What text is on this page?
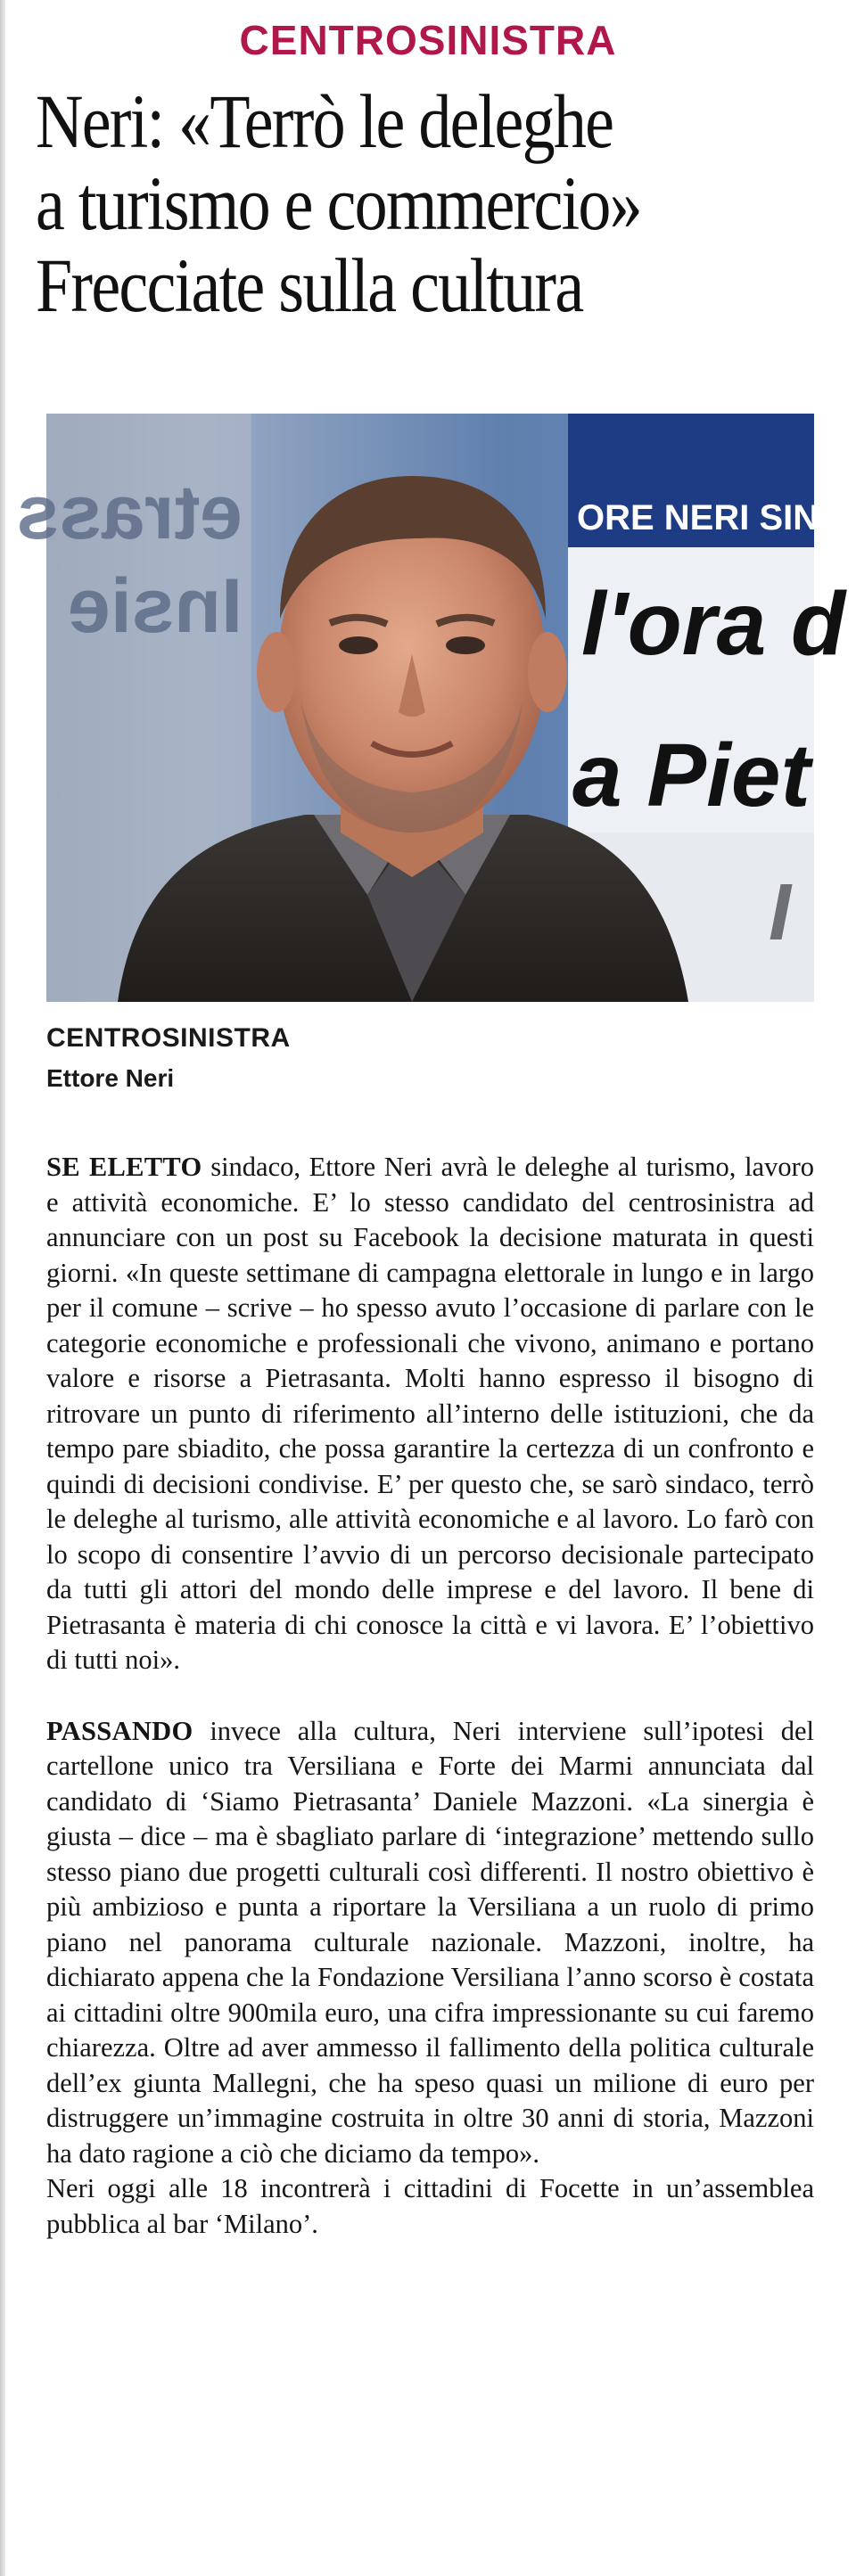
CENTROSINISTRA
Neri: «Terrò le deleghe
a turismo e commercio»
Frecciate sulla cultura
etrass
Insie
ORE NERI SIN
l'ora d
a Piet
I
CENTROSINISTRA
Ettore Neri

SE ELETTO sindaco, Ettore Neri avrà le deleghe al turismo, lavoro e attività economiche. E’ lo stesso candidato del centrosinistra ad annunciare con un post su Facebook la decisione maturata in questi giorni. «In queste settimane di campagna elettorale in lungo e in largo per il comune – scrive – ho spesso avuto l’occasione di parlare con le categorie economiche e professionali che vivono, animano e portano valore e risorse a Pietrasanta. Molti hanno espresso il bisogno di ritrovare un punto di riferimento all’interno delle istituzioni, che da tempo pare sbiadito, che possa garantire la certezza di un confronto e quindi di decisioni condivise. E’ per questo che, se sarò sindaco, terrò le deleghe al turismo, alle attività economiche e al lavoro. Lo farò con lo scopo di consentire l’avvio di un percorso decisionale partecipato da tutti gli attori del mondo delle imprese e del lavoro. Il bene di Pietrasanta è materia di chi conosce la città e vi lavora. E’ l’obiettivo di tutti noi».

PASSANDO invece alla cultura, Neri interviene sull’ipotesi del cartellone unico tra Versiliana e Forte dei Marmi annunciata dal candidato di ‘Siamo Pietrasanta’ Daniele Mazzoni. «La sinergia è giusta – dice – ma è sbagliato parlare di ‘integrazione’ mettendo sullo stesso piano due progetti culturali così differenti. Il nostro obiettivo è più ambizioso e punta a riportare la Versiliana a un ruolo di primo piano nel panorama culturale nazionale. Mazzoni, inoltre, ha dichiarato appena che la Fondazione Versiliana l’anno scorso è costata ai cittadini oltre 900mila euro, una cifra impressionante su cui faremo chiarezza. Oltre ad aver ammesso il fallimento della politica culturale dell’ex giunta Mallegni, che ha speso quasi un milione di euro per distruggere un’immagine costruita in oltre 30 anni di storia, Mazzoni ha dato ragione a ciò che diciamo da tempo».

Neri oggi alle 18 incontrerà i cittadini di Focette in un’assemblea pubblica al bar ‘Milano’.
